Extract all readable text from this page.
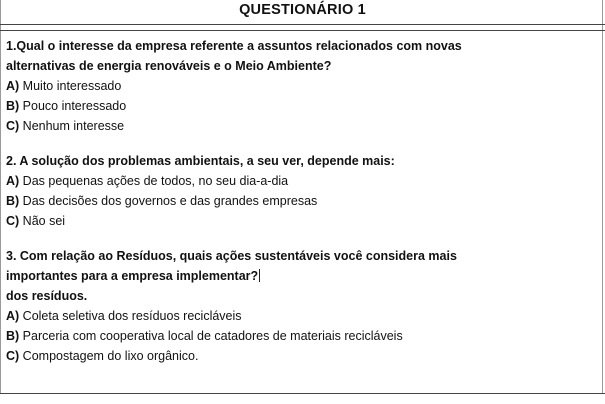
QUESTIONÁRIO 1
1.Qual o interesse da empresa referente a assuntos relacionados com novas
alternativas de energia renováveis e o Meio Ambiente?
A) Muito interessado
B) Pouco interessado
C) Nenhum interesse
2. A solução dos problemas ambientais, a seu ver, depende mais:
A) Das pequenas ações de todos, no seu dia-a-dia
B) Das decisões dos governos e das grandes empresas
C) Não sei
3. Com relação ao Resíduos, quais ações sustentáveis você considera mais
importantes para a empresa implementar?
dos resíduos.
A) Coleta seletiva dos resíduos recicláveis
B) Parceria com cooperativa local de catadores de materiais recicláveis
C) Compostagem do lixo orgânico.
